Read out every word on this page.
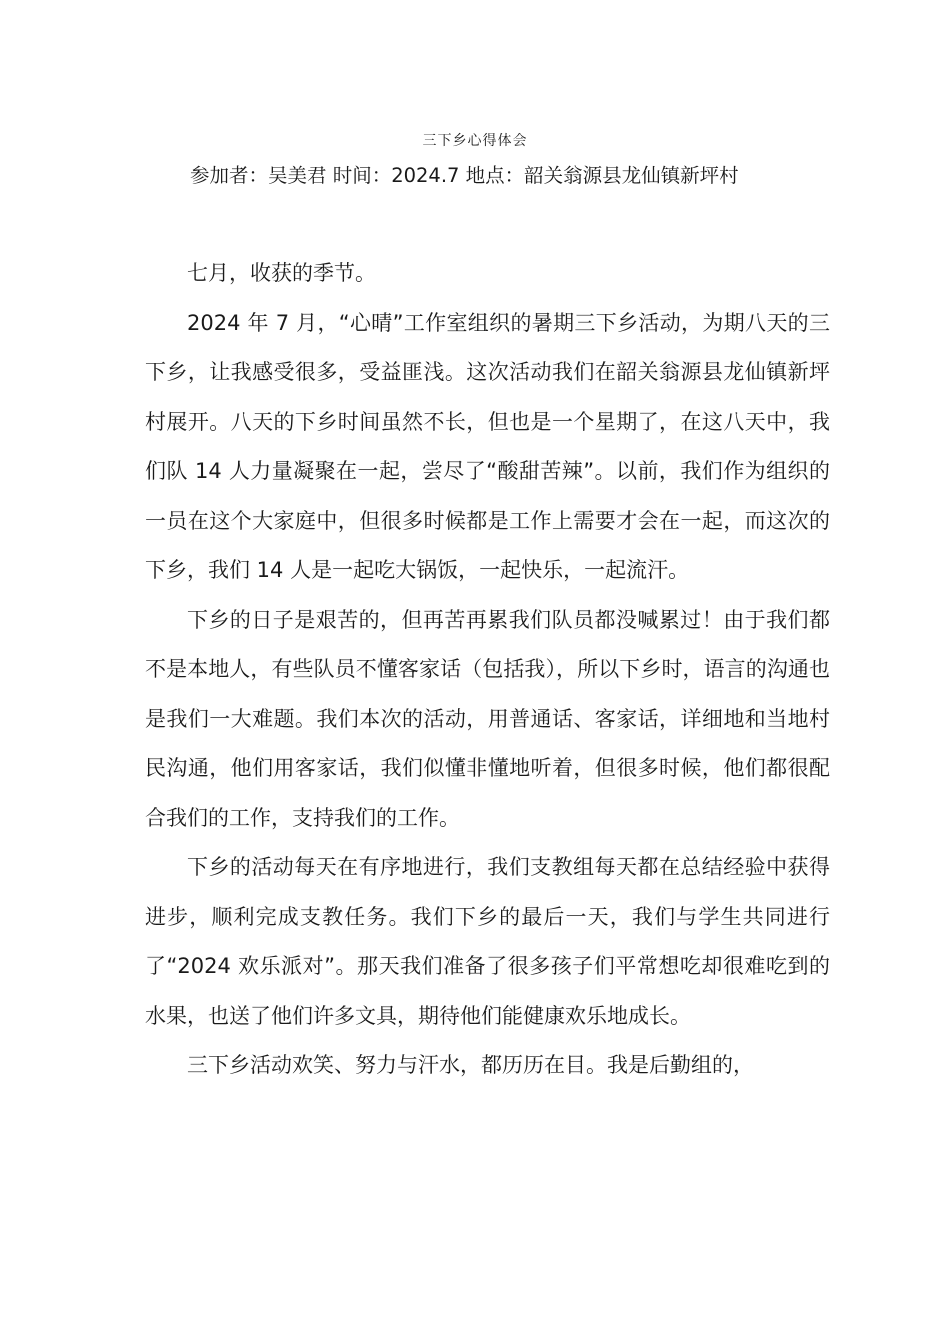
三下乡心得体会
参加者：吴美君 时间：2024.7 地点：韶关翁源县龙仙镇新坪村

七月，收获的季节。

2024 年 7 月，“心晴”工作室组织的暑期三下乡活动，为期八天的三下乡，让我感受很多，受益匪浅。这次活动我们在韶关翁源县龙仙镇新坪村展开。八天的下乡时间虽然不长，但也是一个星期了，在这八天中，我们队 14 人力量凝聚在一起，尝尽了“酸甜苦辣”。以前，我们作为组织的一员在这个大家庭中，但很多时候都是工作上需要才会在一起，而这次的下乡，我们 14 人是一起吃大锅饭，一起快乐，一起流汗。

下乡的日子是艰苦的，但再苦再累我们队员都没喊累过！由于我们都不是本地人，有些队员不懂客家话（包括我），所以下乡时，语言的沟通也是我们一大难题。我们本次的活动，用普通话、客家话，详细地和当地村民沟通，他们用客家话，我们似懂非懂地听着，但很多时候，他们都很配合我们的工作，支持我们的工作。

下乡的活动每天在有序地进行，我们支教组每天都在总结经验中获得进步，顺利完成支教任务。我们下乡的最后一天，我们与学生共同进行了“2024 欢乐派对”。那天我们准备了很多孩子们平常想吃却很难吃到的水果，也送了他们许多文具，期待他们能健康欢乐地成长。

三下乡活动欢笑、努力与汗水，都历历在目。我是后勤组的，
